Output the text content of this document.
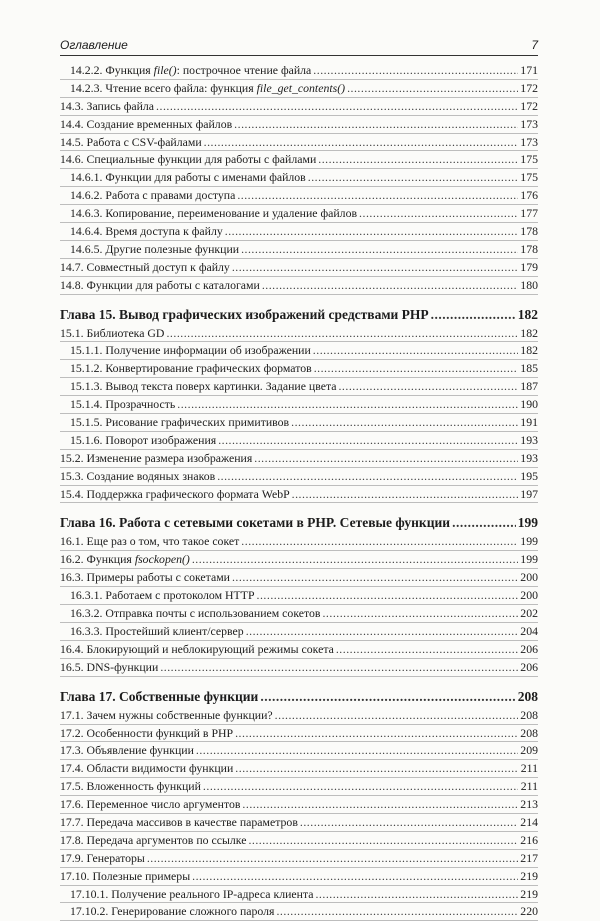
Оглавление	7
14.2.2. Функция file(): построчное чтение файла .....	171
14.2.3. Чтение всего файла: функция file_get_contents() .....	172
14.3. Запись файла .....	172
14.4. Создание временных файлов .....	173
14.5. Работа с CSV-файлами .....	173
14.6. Специальные функции для работы с файлами .....	175
14.6.1. Функции для работы с именами файлов .....	175
14.6.2. Работа с правами доступа .....	176
14.6.3. Копирование, переименование и удаление файлов .....	177
14.6.4. Время доступа к файлу .....	178
14.6.5. Другие полезные функции .....	178
14.7. Совместный доступ к файлу .....	179
14.8. Функции для работы с каталогами .....	180
Глава 15. Вывод графических изображений средствами PHP .....	182
15.1. Библиотека GD .....	182
15.1.1. Получение информации об изображении .....	182
15.1.2. Конвертирование графических форматов .....	185
15.1.3. Вывод текста поверх картинки. Задание цвета .....	187
15.1.4. Прозрачность .....	190
15.1.5. Рисование графических примитивов .....	191
15.1.6. Поворот изображения .....	193
15.2. Изменение размера изображения .....	193
15.3. Создание водяных знаков .....	195
15.4. Поддержка графического формата WebP .....	197
Глава 16. Работа с сетевыми сокетами в PHP. Сетевые функции .....	199
16.1. Еще раз о том, что такое сокет .....	199
16.2. Функция fsockopen() .....	199
16.3. Примеры работы с сокетами .....	200
16.3.1. Работаем с протоколом HTTP .....	200
16.3.2. Отправка почты с использованием сокетов .....	202
16.3.3. Простейший клиент/сервер .....	204
16.4. Блокирующий и неблокирующий режимы сокета .....	206
16.5. DNS-функции .....	206
Глава 17. Собственные функции .....	208
17.1. Зачем нужны собственные функции? .....	208
17.2. Особенности функций в PHP .....	208
17.3. Объявление функции .....	209
17.4. Области видимости функции .....	211
17.5. Вложенность функций .....	211
17.6. Переменное число аргументов .....	213
17.7. Передача массивов в качестве параметров .....	214
17.8. Передача аргументов по ссылке .....	216
17.9. Генераторы .....	217
17.10. Полезные примеры .....	219
17.10.1. Получение реального IP-адреса клиента .....	219
17.10.2. Генерирование сложного пароля .....	220
